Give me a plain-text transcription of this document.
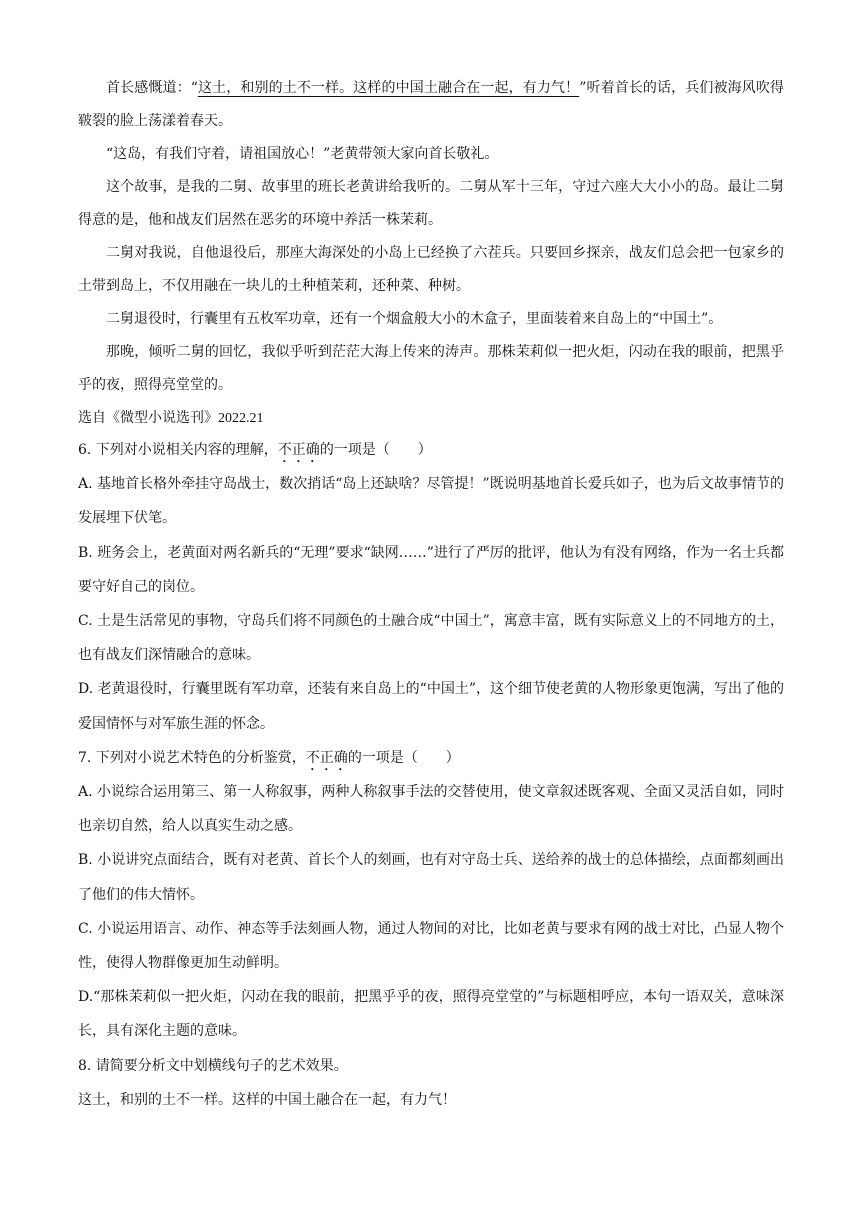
首长感慨道：“这土，和别的土不一样。这样的中国土融合在一起，有力气！”听着首长的话，兵们被海风吹得皲裂的脸上荡漾着春天。

“这岛，有我们守着，请祖国放心！”老黄带领大家向首长敬礼。

这个故事，是我的二舅、故事里的班长老黄讲给我听的。二舅从军十三年，守过六座大大小小的岛。最让二舅得意的是，他和战友们居然在恶劣的环境中养活一株茉莉。

二舅对我说，自他退役后，那座大海深处的小岛上已经换了六茬兵。只要回乡探亲，战友们总会把一包家乡的土带到岛上，不仅用融在一块儿的土种植茉莉，还种菜、种树。

二舅退役时，行囊里有五枚军功章，还有一个烟盒般大小的木盒子，里面装着来自岛上的“中国土”。

那晚，倾听二舅的回忆，我似乎听到茫茫大海上传来的涛声。那株茉莉似一把火炬，闪动在我的眼前，把黑乎乎的夜，照得亮堂堂的。

选自《微型小说选刊》2022.21

6. 下列对小说相关内容的理解，不正确的一项是（　　）

A. 基地首长格外牵挂守岛战士，数次捎话“岛上还缺啥？尽管提！”既说明基地首长爱兵如子，也为后文故事情节的发展埋下伏笔。

B. 班务会上，老黄面对两名新兵的“无理”要求“缺网……”进行了严厉的批评，他认为有没有网络，作为一名士兵都要守好自己的岗位。

C. 土是生活常见的事物，守岛兵们将不同颜色的土融合成“中国土”，寓意丰富，既有实际意义上的不同地方的土，也有战友们深情融合的意味。

D. 老黄退役时，行囊里既有军功章，还装有来自岛上的“中国土”，这个细节使老黄的人物形象更饱满，写出了他的爱国情怀与对军旅生涯的怀念。

7. 下列对小说艺术特色的分析鉴赏，不正确的一项是（　　）

A. 小说综合运用第三、第一人称叙事，两种人称叙事手法的交替使用，使文章叙述既客观、全面又灵活自如，同时也亲切自然，给人以真实生动之感。

B. 小说讲究点面结合，既有对老黄、首长个人的刻画，也有对守岛士兵、送给养的战士的总体描绘，点面都刻画出了他们的伟大情怀。

C. 小说运用语言、动作、神态等手法刻画人物，通过人物间的对比，比如老黄与要求有网的战士对比，凸显人物个性，使得人物群像更加生动鲜明。

D.“那株茉莉似一把火炬，闪动在我的眼前，把黑乎乎的夜，照得亮堂堂的”与标题相呼应，本句一语双关，意味深长，具有深化主题的意味。

8. 请简要分析文中划横线句子的艺术效果。

这土，和别的土不一样。这样的中国土融合在一起，有力气！
